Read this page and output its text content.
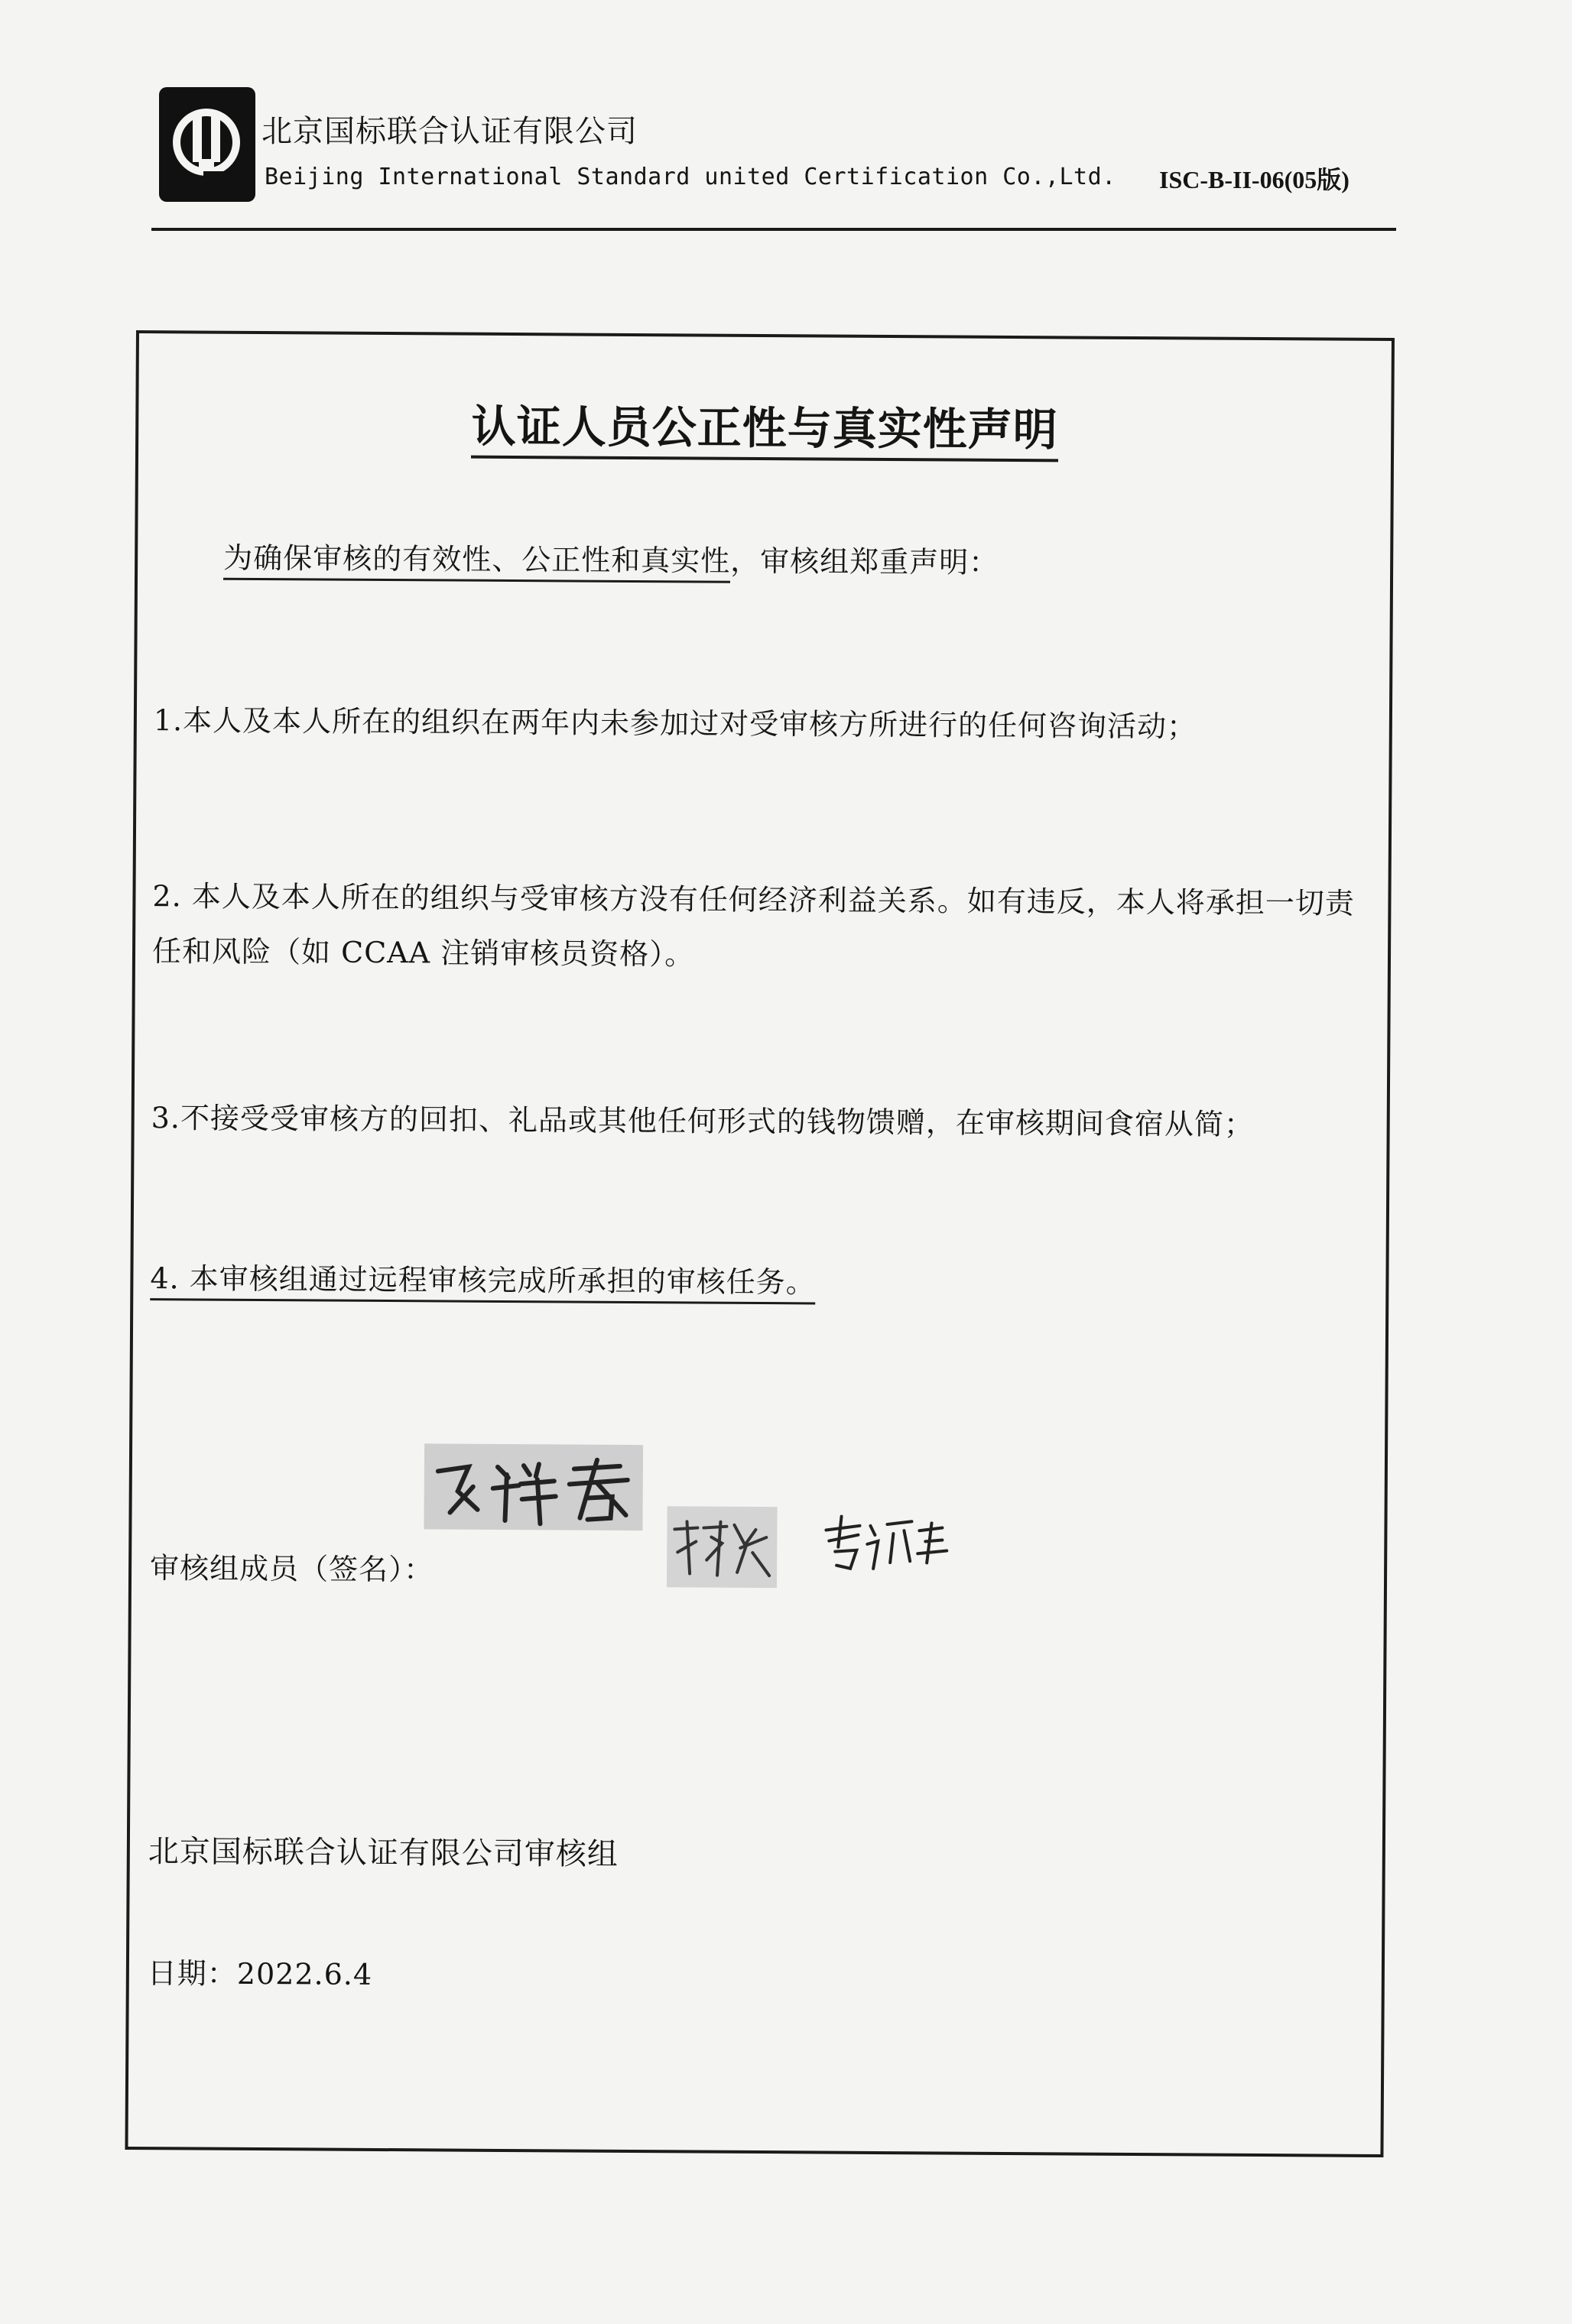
北京国标联合认证有限公司
Beijing International Standard united Certification Co.,Ltd. ISC-B-II-06(05版)
认证人员公正性与真实性声明
为确保审核的有效性、公正性和真实性，审核组郑重声明：
1.本人及本人所在的组织在两年内未参加过对受审核方所进行的任何咨询活动；
2. 本人及本人所在的组织与受审核方没有任何经济利益关系。如有违反，本人将承担一切责任和风险（如 CCAA 注销审核员资格）。
3.不接受受审核方的回扣、礼品或其他任何形式的钱物馈赠，在审核期间食宿从简；
4. 本审核组通过远程审核完成所承担的审核任务。
审核组成员（签名）：
北京国标联合认证有限公司审核组
日期：2022.6.4
